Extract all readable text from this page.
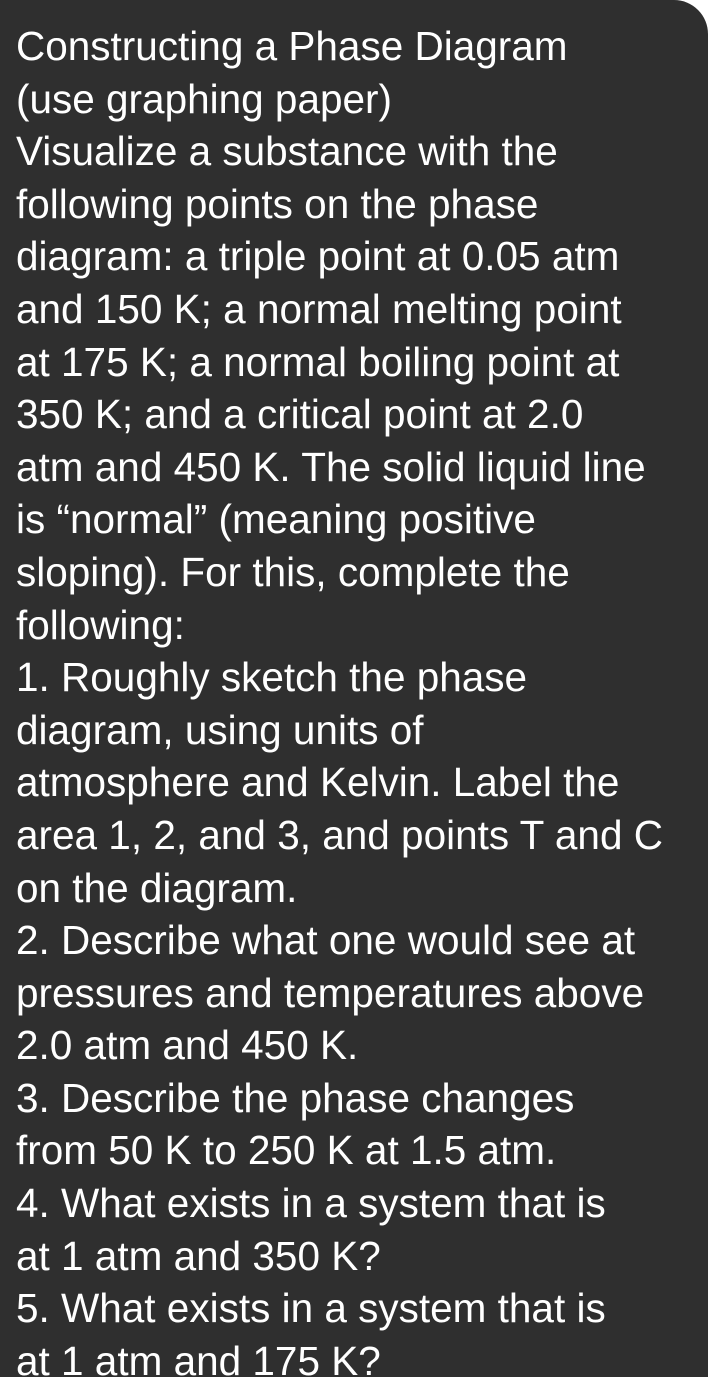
Constructing a Phase Diagram
(use graphing paper)
Visualize a substance with the
following points on the phase
diagram: a triple point at 0.05 atm
and 150 K; a normal melting point
at 175 K; a normal boiling point at
350 K; and a critical point at 2.0
atm and 450 K. The solid liquid line
is “normal” (meaning positive
sloping). For this, complete the
following:
1. Roughly sketch the phase
diagram, using units of
atmosphere and Kelvin. Label the
area 1, 2, and 3, and points T and C
on the diagram.
2. Describe what one would see at
pressures and temperatures above
2.0 atm and 450 K.
3. Describe the phase changes
from 50 K to 250 K at 1.5 atm.
4. What exists in a system that is
at 1 atm and 350 K?
5. What exists in a system that is
at 1 atm and 175 K?
